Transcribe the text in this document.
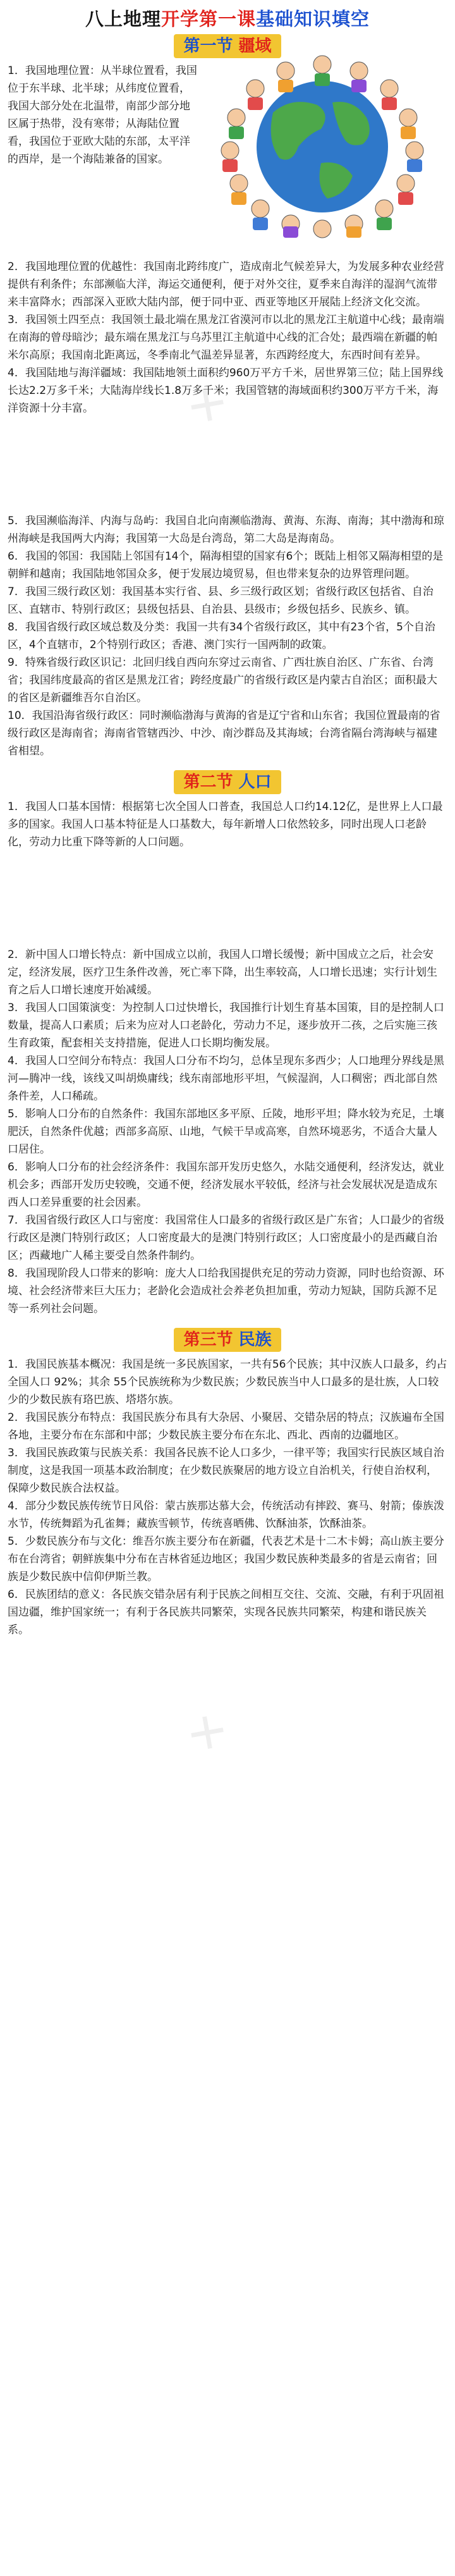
八上地理开学第一课基础知识填空
第一节 疆域

1．我国地理位置：从半球位置看，我国位于东半球、北半球；从纬度位置看，我国大部分处在北温带，南部少部分地区属于热带，没有寒带；从海陆位置看，我国位于亚欧大陆的东部，太平洋的西岸，是一个海陆兼备的国家。

2．我国地理位置的优越性：我国南北跨纬度广，造成南北气候差异大，为发展多种农业经营提供有利条件；东部濒临大洋，海运交通便利，便于对外交往，夏季来自海洋的湿润气流带来丰富降水；西部深入亚欧大陆内部，便于同中亚、西亚等地区开展陆上经济文化交流。

3．我国领土四至点：我国领土最北端在黑龙江省漠河市以北的黑龙江主航道中心线；最南端在南海的曾母暗沙；最东端在黑龙江与乌苏里江主航道中心线的汇合处；最西端在新疆的帕米尔高原；我国南北距离远，冬季南北气温差异显著，东西跨经度大，东西时间有差异。

4．我国陆地与海洋疆域：我国陆地领土面积约960万平方千米，居世界第三位；陆上国界线长达2.2万多千米；大陆海岸线长1.8万多千米；我国管辖的海域面积约300万平方千米，海洋资源十分丰富。

5．我国濒临海洋、内海与岛屿：我国自北向南濒临渤海、黄海、东海、南海；其中渤海和琼州海峡是我国两大内海；我国第一大岛是台湾岛，第二大岛是海南岛。

6．我国的邻国：我国陆上邻国有14个，隔海相望的国家有6个；既陆上相邻又隔海相望的是朝鲜和越南；我国陆地邻国众多，便于发展边境贸易，但也带来复杂的边界管理问题。

7．我国三级行政区划：我国基本实行省、县、乡三级行政区划；省级行政区包括省、自治区、直辖市、特别行政区；县级包括县、自治县、县级市；乡级包括乡、民族乡、镇。

8．我国省级行政区域总数及分类：我国一共有34个省级行政区，其中有23个省，5个自治区，4个直辖市，2个特别行政区；香港、澳门实行一国两制的政策。

9．特殊省级行政区识记：北回归线自西向东穿过云南省、广西壮族自治区、广东省、台湾省；我国纬度最高的省区是黑龙江省；跨经度最广的省级行政区是内蒙古自治区；面积最大的省区是新疆维吾尔自治区。

10．我国沿海省级行政区：同时濒临渤海与黄海的省是辽宁省和山东省；我国位置最南的省级行政区是海南省；海南省管辖西沙、中沙、南沙群岛及其海域；台湾省隔台湾海峡与福建省相望。

第二节 人口

1．我国人口基本国情：根据第七次全国人口普查，我国总人口约14.12亿，是世界上人口最多的国家。我国人口基本特征是人口基数大，每年新增人口依然较多，同时出现人口老龄化，劳动力比重下降等新的人口问题。

2．新中国人口增长特点：新中国成立以前，我国人口增长缓慢；新中国成立之后，社会安定，经济发展，医疗卫生条件改善，死亡率下降，出生率较高，人口增长迅速；实行计划生育之后人口增长速度开始减缓。

3．我国人口国策演变：为控制人口过快增长，我国推行计划生育基本国策，目的是控制人口数量，提高人口素质；后来为应对人口老龄化，劳动力不足，逐步放开二孩，之后实施三孩生育政策，配套相关支持措施，促进人口长期均衡发展。

4．我国人口空间分布特点：我国人口分布不均匀，总体呈现东多西少；人口地理分界线是黑河—腾冲一线，该线又叫胡焕庸线；线东南部地形平坦，气候湿润，人口稠密；西北部自然条件差，人口稀疏。

5．影响人口分布的自然条件：我国东部地区多平原、丘陵，地形平坦；降水较为充足，土壤肥沃，自然条件优越；西部多高原、山地，气候干旱或高寒，自然环境恶劣，不适合大量人口居住。

6．影响人口分布的社会经济条件：我国东部开发历史悠久，水陆交通便利，经济发达，就业机会多；西部开发历史较晚，交通不便，经济发展水平较低，经济与社会发展状况是造成东西人口差异重要的社会因素。

7．我国省级行政区人口与密度：我国常住人口最多的省级行政区是广东省；人口最少的省级行政区是澳门特别行政区；人口密度最大的是澳门特别行政区；人口密度最小的是西藏自治区；西藏地广人稀主要受自然条件制约。

8．我国现阶段人口带来的影响：庞大人口给我国提供充足的劳动力资源，同时也给资源、环境、社会经济带来巨大压力；老龄化会造成社会养老负担加重，劳动力短缺，国防兵源不足等一系列社会问题。

第三节 民族

1．我国民族基本概况：我国是统一多民族国家，一共有56个民族；其中汉族人口最多，约占全国人口 92%；其余 55个民族统称为少数民族；少数民族当中人口最多的是壮族，人口较少的少数民族有珞巴族、塔塔尔族。

2．我国民族分布特点：我国民族分布具有大杂居、小聚居、交错杂居的特点；汉族遍布全国各地，主要分布在东部和中部；少数民族主要分布在东北、西北、西南的边疆地区。

3．我国民族政策与民族关系：我国各民族不论人口多少，一律平等；我国实行民族区域自治制度，这是我国一项基本政治制度；在少数民族聚居的地方设立自治机关，行使自治权利，保障少数民族合法权益。

4．部分少数民族传统节日风俗：蒙古族那达慕大会，传统活动有摔跤、赛马、射箭；傣族泼水节，传统舞蹈为孔雀舞；藏族雪顿节，传统喜晒佛、饮酥油茶，饮酥油茶。

5．少数民族分布与文化：维吾尔族主要分布在新疆，代表艺术是十二木卡姆；高山族主要分布在台湾省；朝鲜族集中分布在吉林省延边地区；我国少数民族种类最多的省是云南省；回族是少数民族中信仰伊斯兰教。

6．民族团结的意义：各民族交错杂居有利于民族之间相互交往、交流、交融，有利于巩固祖国边疆，维护国家统一；有利于各民族共同繁荣，实现各民族共同繁荣，构建和谐民族关系。

✕
✕
